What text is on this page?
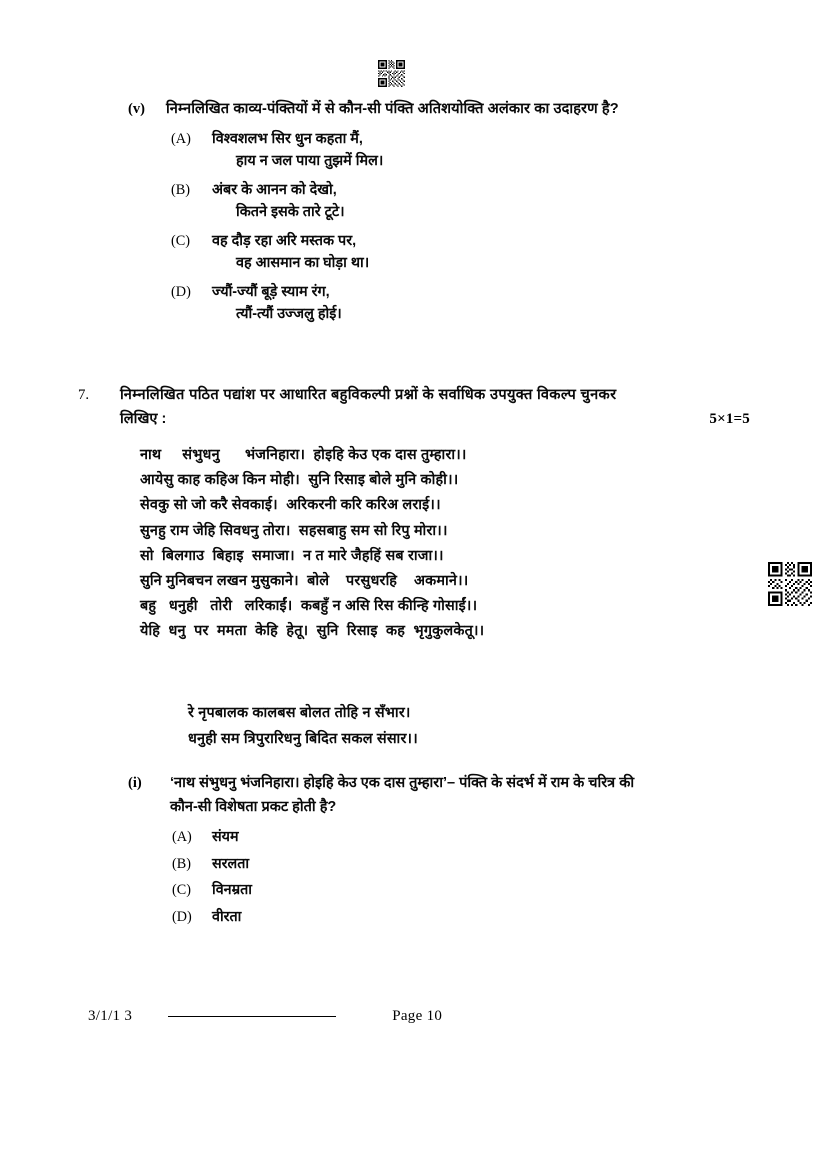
(v)	निम्नलिखित काव्य-पंक्तियों में से कौन-सी पंक्ति अतिशयोक्ति अलंकार का उदाहरण है?
(A)	विश्वशलभ सिर धुन कहता मैं,
हाय न जल पाया तुझमें मिल।
(B)	अंबर के आनन को देखो,
कितने इसके तारे टूटे।
(C)	वह दौड़ रहा अरि मस्तक पर,
वह आसमान का घोड़ा था।
(D)	ज्यौं-ज्यौं बूड़े स्याम रंग,
त्यौं-त्यौं उज्जलु होई।
7.	निम्नलिखित पठित पद्यांश पर आधारित बहुविकल्पी प्रश्नों के सर्वाधिक उपयुक्त विकल्प चुनकर
लिखिए :	5×1=5
नाथ     संभुधनु      भंजनिहारा।  होइहि केउ एक दास तुम्हारा।।
आयेसु काह कहिअ किन मोही।  सुनि रिसाइ बोले मुनि कोही।।
सेवकु सो जो करै सेवकाई।  अरिकरनी करि करिअ लराई।।
सुनहु राम जेहि सिवधनु तोरा।  सहसबाहु सम सो रिपु मोरा।।
सो  बिलगाउ  बिहाइ  समाजा।  न त मारे जैहहिं सब राजा।।
सुनि मुनिबचन लखन मुसुकाने।  बोले    परसुधरहि    अकमाने।।
बहु   धनुही   तोरी   लरिकाईं।  कबहुँ न असि रिस कीन्हि गोसाईं।।
येहि  धनु  पर  ममता  केहि  हेतू।  सुनि  रिसाइ  कह  भृगुकुलकेतू।।
रे नृपबालक कालबस बोलत तोहि न सँभार।
धनुही सम त्रिपुरारिधनु बिदित सकल संसार।।
(i)	‘नाथ संभुधनु भंजनिहारा। होइहि केउ एक दास तुम्हारा’– पंक्ति के संदर्भ में राम के चरित्र की
कौन-सी विशेषता प्रकट होती है?
(A)	संयम
(B)	सरलता
(C)	विनम्रता
(D)	वीरता
3/1/1 3	Page 10
